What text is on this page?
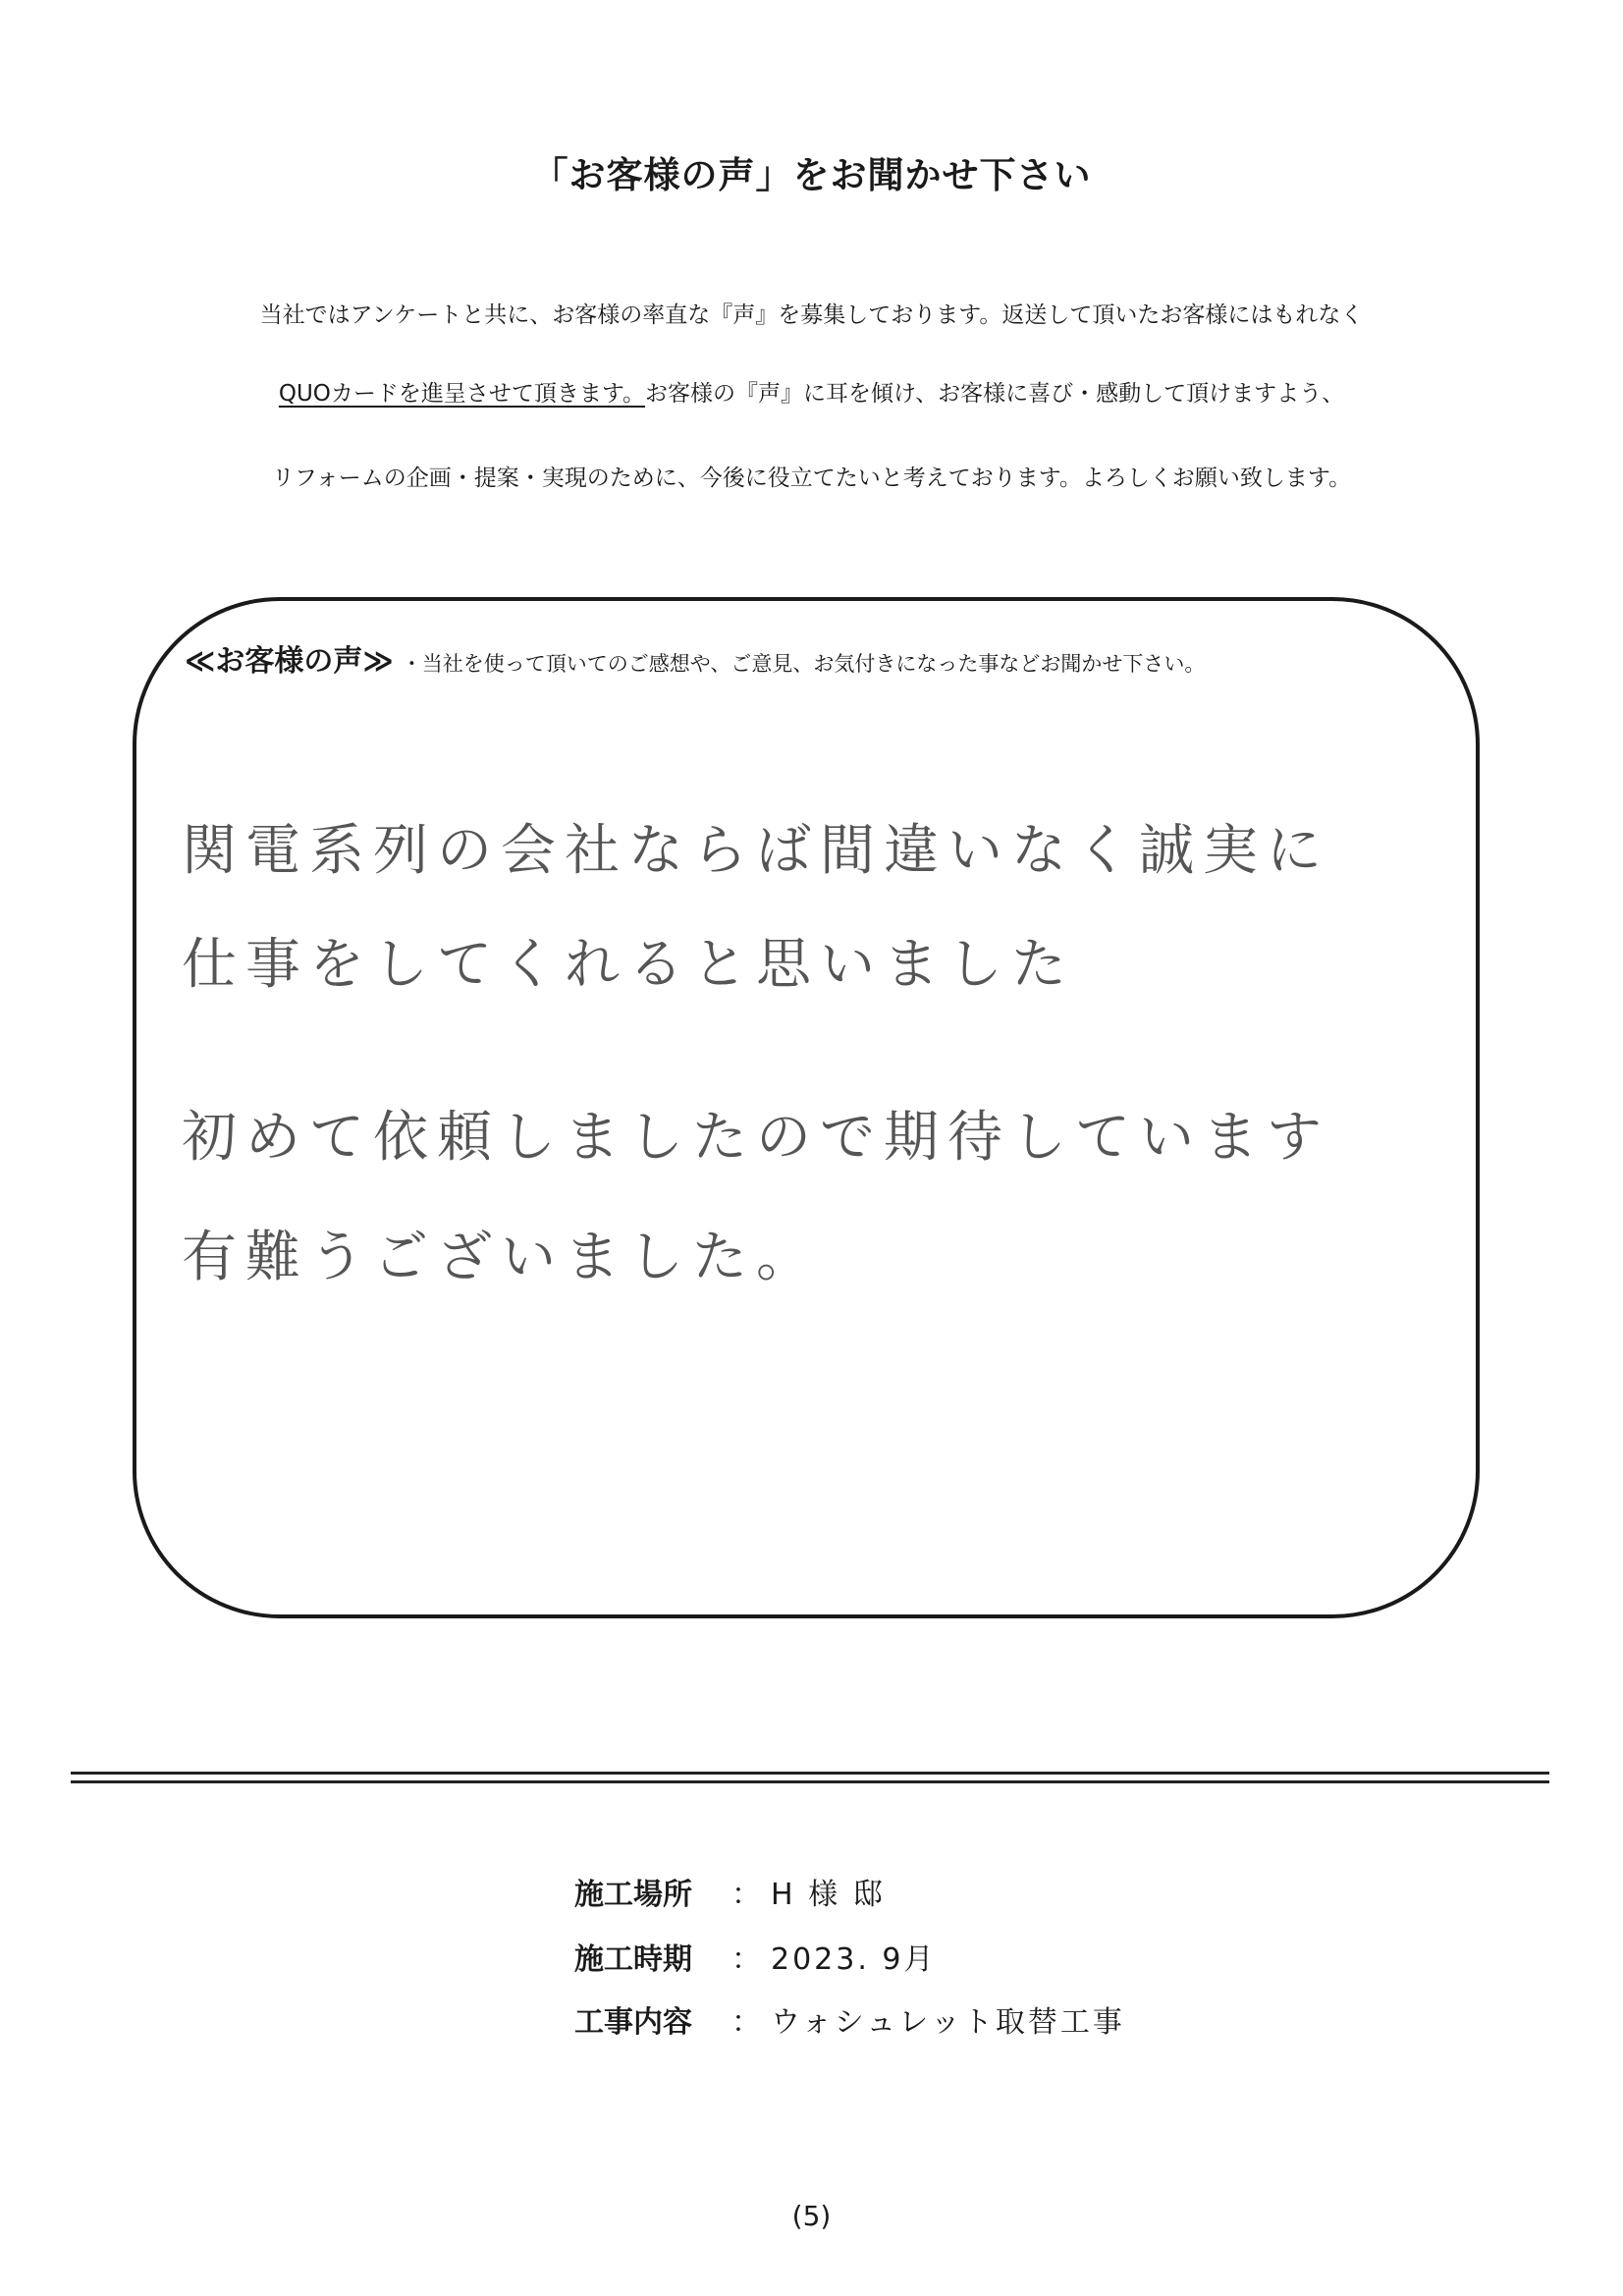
「お客様の声」をお聞かせ下さい
当社ではアンケートと共に、お客様の率直な『声』を募集しております。返送して頂いたお客様にはもれなく
QUOカードを進呈させて頂きます。お客様の『声』に耳を傾け、お客様に喜び・感動して頂けますよう、
リフォームの企画・提案・実現のために、今後に役立てたいと考えております。よろしくお願い致します。
≪お客様の声≫ ・当社を使って頂いてのご感想や、ご意見、お気付きになった事などお聞かせ下さい。
関電系列の会社ならば間違いなく誠実に
仕事をしてくれると思いました
初めて依頼しましたので期待しています
有難うございました。
施工場所 ： H 様 邸
施工時期 ： 2023. 9月
工事内容 ： ウォシュレット取替工事
(5)
